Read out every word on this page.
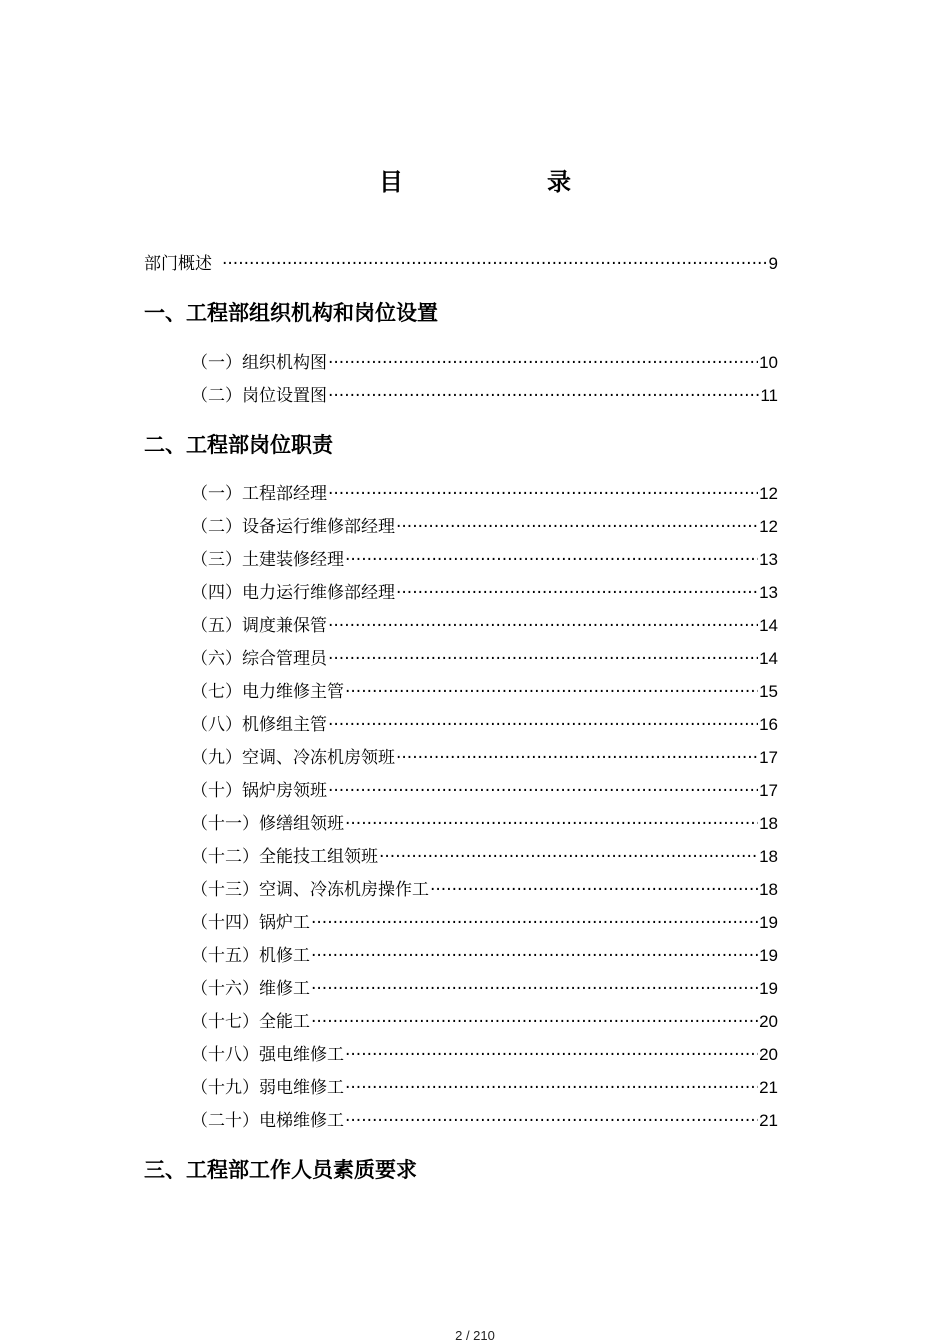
目　录
部门概述 ·····	9
一、工程部组织机构和岗位设置
（一）组织机构图 ·····	10
（二）岗位设置图 ·····	11
二、工程部岗位职责
（一）工程部经理 ·····	12
（二）设备运行维修部经理 ·····	12
（三）土建装修经理 ·····	13
（四）电力运行维修部经理 ·····	13
（五）调度兼保管 ·····	14
（六）综合管理员 ·····	14
（七）电力维修主管 ·····	15
（八）机修组主管 ·····	16
（九）空调、冷冻机房领班 ·····	17
（十）锅炉房领班 ·····	17
（十一）修缮组领班 ·····	18
（十二）全能技工组领班 ·····	18
（十三）空调、冷冻机房操作工 ·····	18
（十四）锅炉工 ·····	19
（十五）机修工 ·····	19
（十六）维修工 ·····	19
（十七）全能工 ·····	20
（十八）强电维修工 ·····	20
（十九）弱电维修工 ·····	21
（二十）电梯维修工 ·····	21
三、工程部工作人员素质要求
2 / 210
